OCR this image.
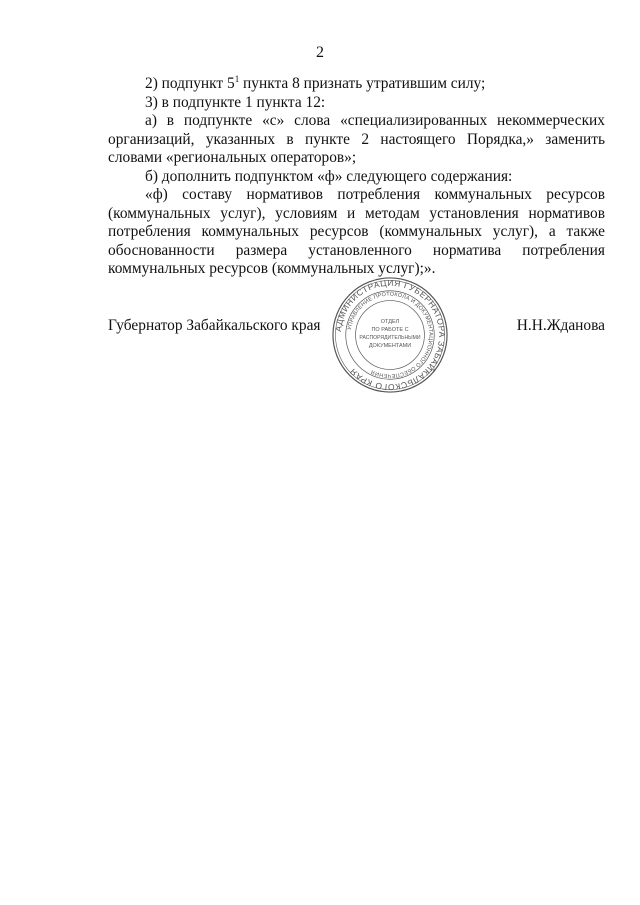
2

2) подпункт $5^1$ пункта 8 признать утратившим силу;

3) в подпункте 1 пункта 12:

а) в подпункте «с» слова «специализированных некоммерческих организаций, указанных в пункте 2 настоящего Порядка,» заменить словами «региональных операторов»;

б) дополнить подпунктом «ф» следующего содержания:

«ф) составу нормативов потребления коммунальных ресурсов (коммунальных услуг), условиям и методам установления нормативов потребления коммунальных ресурсов (коммунальных услуг), а также обоснованности размера установленного норматива потребления коммунальных ресурсов (коммунальных услуг);».

Губернатор Забайкальского края	Н.Н.Жданова
АДМИНИСТРАЦИЯ ГУБЕРНАТОРА ЗАБАЙКАЛЬСКОГО КРАЯ
УПРАВЛЕНИЕ ПРОТОКОЛА И ДОКУМЕНТАЦИОННОГО ОБЕСПЕЧЕНИЯ
ОТДЕЛ
ПО РАБОТЕ С
РАСПОРЯДИТЕЛЬНЫМИ
ДОКУМЕНТАМИ
